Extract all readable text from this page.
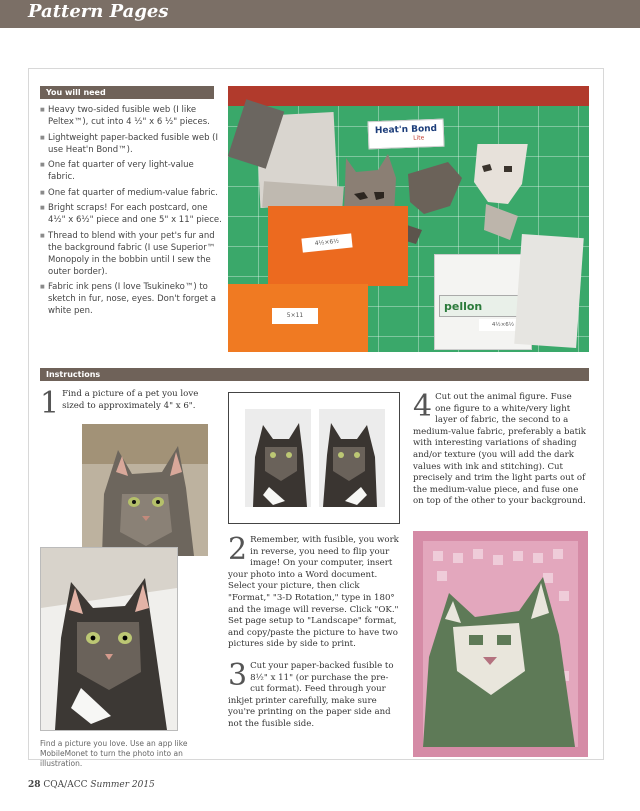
Pattern Pages
You will need
■ Heavy two-sided fusible web (I like Peltex™), cut into 4 ½" x 6 ½" pieces.
■ Lightweight paper-backed fusible web (I use Heat'n Bond™).
■ One fat quarter of very light-value fabric.
■ One fat quarter of medium-value fabric.
■ Bright scraps! For each postcard, one 4½" x 6½" piece and one 5" x 11" piece.
■ Thread to blend with your pet's fur and the background fabric (I use Superior™ Monopoly in the bobbin until I sew the outer border).
■ Fabric ink pens (I love Tsukineko™) to sketch in fur, nose, eyes. Don't forget a white pen.
Heat'n Bond
Lite
4½×6½
5×11
pellon
4½×6½
Instructions
1 Find a picture of a pet you love sized to approximately 4" x 6".
Find a picture you love. Use an app like MobileMonet to turn the photo into an illustration.
2 Remember, with fusible, you work in reverse, you need to flip your image! On your computer, insert your photo into a Word document. Select your picture, then click "Format," "3-D Rotation," type in 180° and the image will reverse. Click "OK." Set page setup to "Landscape" format, and copy/paste the picture to have two pictures side by side to print.
3 Cut your paper-backed fusible to 8½" x 11" (or purchase the pre-cut format). Feed through your inkjet printer carefully, make sure you're printing on the paper side and not the fusible side.
4 Cut out the animal figure. Fuse one figure to a white/very light layer of fabric, the second to a medium-value fabric, preferably a batik with interesting variations of shading and/or texture (you will add the dark values with ink and stitching). Cut precisely and trim the light parts out of the medium-value piece, and fuse one on top of the other to your background.
28 CQA/ACC Summer 2015
